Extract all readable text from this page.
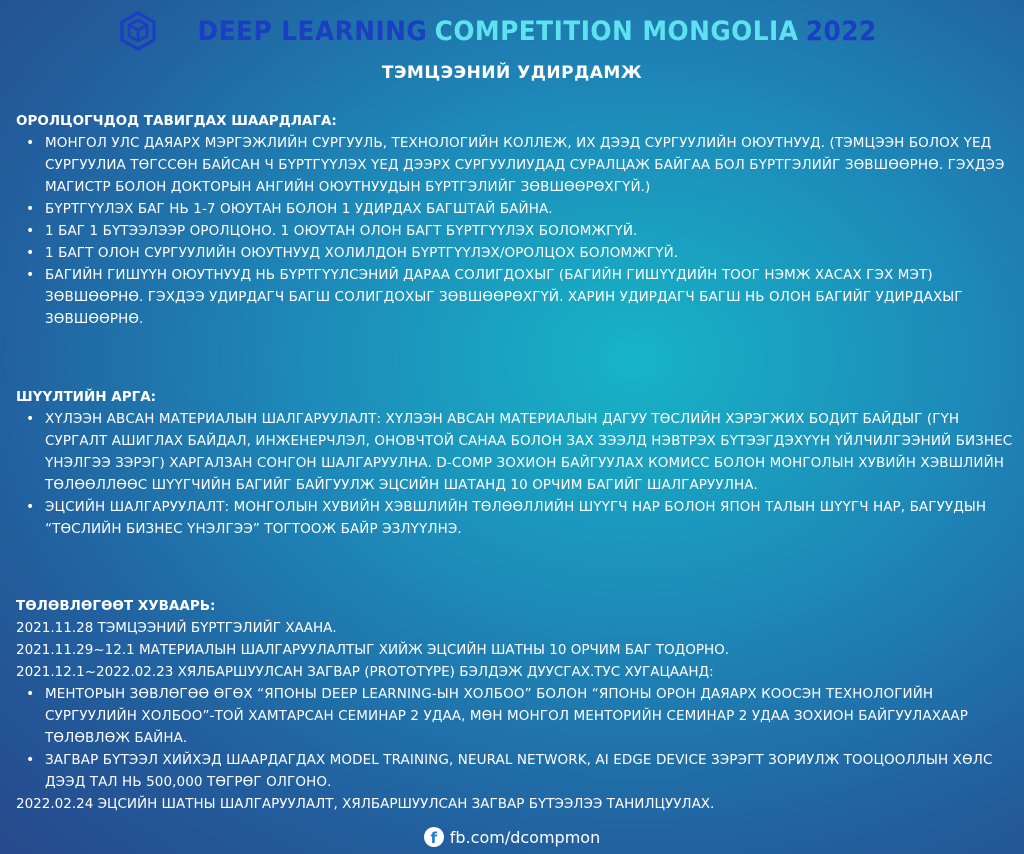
DEEP LEARNING COMPETITION MONGOLIA 2022
ТЭМЦЭЭНИЙ УДИРДАМЖ
ОРОЛЦОГЧДОД ТАВИГДАХ ШААРДЛАГА:
• МОНГОЛ УЛС ДАЯАРХ МЭРГЭЖЛИЙН СУРГУУЛЬ, ТЕХНОЛОГИЙН КОЛЛЕЖ, ИХ ДЭЭД СУРГУУЛИЙН ОЮУТНУУД. (ТЭМЦЭЭН БОЛОХ ҮЕД СУРГУУЛИА ТӨГССӨН БАЙСАН Ч БҮРТГҮҮЛЭХ ҮЕД ДЭЭРХ СУРГУУЛИУДАД СУРАЛЦАЖ БАЙГАА БОЛ БҮРТГЭЛИЙГ ЗӨВШӨӨРНӨ. ГЭХДЭЭ МАГИСТР БОЛОН ДОКТОРЫН АНГИЙН ОЮУТНУУДЫН БҮРТГЭЛИЙГ ЗӨВШӨӨРӨХГҮЙ.)
• БҮРТГҮҮЛЭХ БАГ НЬ 1-7 ОЮУТАН БОЛОН 1 УДИРДАХ БАГШТАЙ БАЙНА.
• 1 БАГ 1 БҮТЭЭЛЭЭР ОРОЛЦОНО. 1 ОЮУТАН ОЛОН БАГТ БҮРТГҮҮЛЭХ БОЛОМЖГҮЙ.
• 1 БАГТ ОЛОН СУРГУУЛИЙН ОЮУТНУУД ХОЛИЛДОН БҮРТГҮҮЛЭХ/ОРОЛЦОХ БОЛОМЖГҮЙ.
• БАГИЙН ГИШҮҮН ОЮУТНУУД НЬ БҮРТГҮҮЛСЭНИЙ ДАРАА СОЛИГДОХЫГ (БАГИЙН ГИШҮҮДИЙН ТООГ НЭМЖ ХАСАХ ГЭХ МЭТ) ЗӨВШӨӨРНӨ. ГЭХДЭЭ УДИРДАГЧ БАГШ СОЛИГДОХЫГ ЗӨВШӨӨРӨХГҮЙ. ХАРИН УДИРДАГЧ БАГШ НЬ ОЛОН БАГИЙГ УДИРДАХЫГ ЗӨВШӨӨРНӨ.
ШҮҮЛТИЙН АРГА:
• ХҮЛЭЭН АВСАН МАТЕРИАЛЫН ШАЛГАРУУЛАЛТ: ХҮЛЭЭН АВСАН МАТЕРИАЛЫН ДАГУУ ТӨСЛИЙН ХЭРЭГЖИХ БОДИТ БАЙДЫГ (ГҮН СУРГАЛТ АШИГЛАХ БАЙДАЛ, ИНЖЕНЕРЧЛЭЛ, ОНОВЧТОЙ САНАА БОЛОН ЗАХ ЗЭЭЛД НЭВТРЭХ БҮТЭЭГДЭХҮҮН ҮЙЛЧИЛГЭЭНИЙ БИЗНЕС ҮНЭЛГЭЭ ЗЭРЭГ) ХАРГАЛЗАН СОНГОН ШАЛГАРУУЛНА. D-COMP ЗОХИОН БАЙГУУЛАХ КОМИСС БОЛОН МОНГОЛЫН ХУВИЙН ХЭВШЛИЙН ТӨЛӨӨЛЛӨӨС ШҮҮГЧИЙН БАГИЙГ БАЙГУУЛЖ ЭЦСИЙН ШАТАНД 10 ОРЧИМ БАГИЙГ ШАЛГАРУУЛНА.
• ЭЦСИЙН ШАЛГАРУУЛАЛТ: МОНГОЛЫН ХУВИЙН ХЭВШЛИЙН ТӨЛӨӨЛЛИЙН ШҮҮГЧ НАР БОЛОН ЯПОН ТАЛЫН ШҮҮГЧ НАР, БАГУУДЫН “ТӨСЛИЙН БИЗНЕС ҮНЭЛГЭЭ” ТОГТООЖ БАЙР ЭЗЛҮҮЛНЭ.
ТӨЛӨВЛӨГӨӨТ ХУВААРЬ:
2021.11.28 ТЭМЦЭЭНИЙ БҮРТГЭЛИЙГ ХААНА.
2021.11.29~12.1 МАТЕРИАЛЫН ШАЛГАРУУЛАЛТЫГ ХИЙЖ ЭЦСИЙН ШАТНЫ 10 ОРЧИМ БАГ ТОДОРНО.
2021.12.1~2022.02.23 ХЯЛБАРШУУЛСАН ЗАГВАР (PROTOTYPE) БЭЛДЭЖ ДУУСГАХ.ТУС ХУГАЦААНД:
• МЕНТОРЫН ЗӨВЛӨГӨӨ ӨГӨХ “ЯПОНЫ DEEP LEARNING-ЫН ХОЛБОО” БОЛОН “ЯПОНЫ ОРОН ДАЯАРХ КООСЭН ТЕХНОЛОГИЙН СУРГУУЛИЙН ХОЛБОО”-ТОЙ ХАМТАРСАН СЕМИНАР 2 УДАА, МӨН МОНГОЛ МЕНТОРИЙН СЕМИНАР 2 УДАА ЗОХИОН БАЙГУУЛАХААР ТӨЛӨВЛӨЖ БАЙНА.
• ЗАГВАР БҮТЭЭЛ ХИЙХЭД ШААРДАГДАХ MODEL TRAINING, NEURAL NETWORK, AI EDGE DEVICE ЗЭРЭГТ ЗОРИУЛЖ ТООЦООЛЛЫН ХӨЛС ДЭЭД ТАЛ НЬ 500,000 ТӨГРӨГ ОЛГОНО.
2022.02.24 ЭЦСИЙН ШАТНЫ ШАЛГАРУУЛАЛТ, ХЯЛБАРШУУЛСАН ЗАГВАР БҮТЭЭЛЭЭ ТАНИЛЦУУЛАХ.
f fb.com/dcompmon
